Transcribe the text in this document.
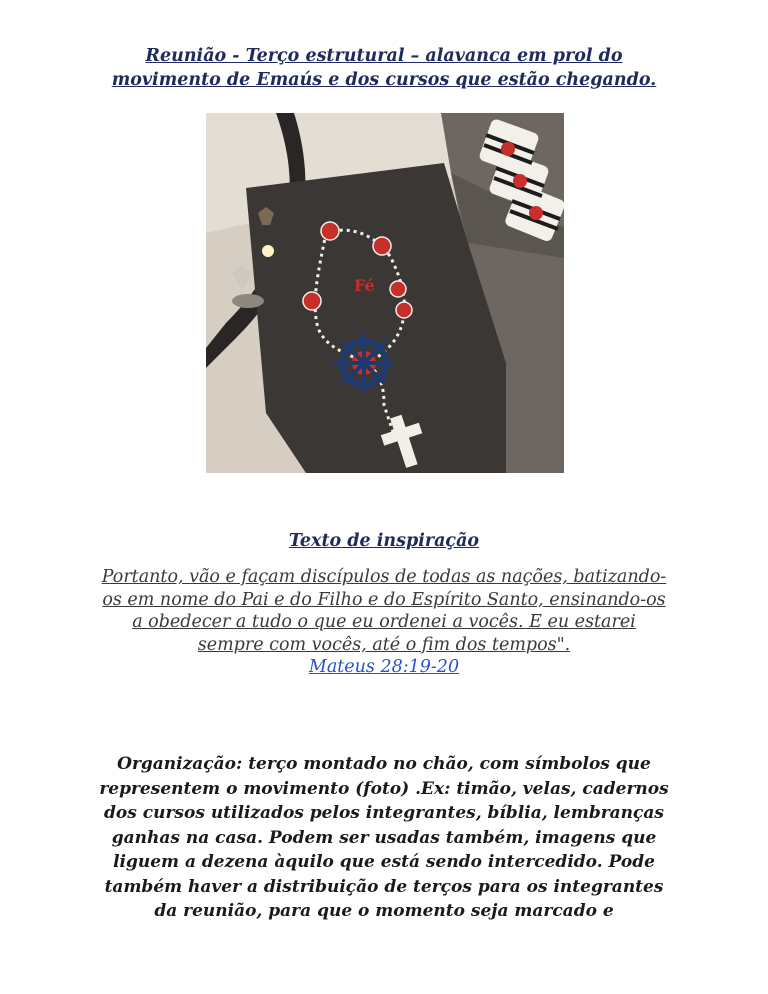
Reunião - Terço estrutural – alavanca em prol do movimento de Emaús e dos cursos que estão chegando.
Fé
Texto de inspiração
Portanto, vão e façam discípulos de todas as nações, batizando-os em nome do Pai e do Filho e do Espírito Santo, ensinando-os a obedecer a tudo o que eu ordenei a vocês. E eu estarei sempre com vocês, até o fim dos tempos".
Mateus 28:19-20
Organização: terço montado no chão, com símbolos que representem o movimento (foto) .Ex: timão, velas, cadernos dos cursos utilizados pelos integrantes, bíblia, lembranças ganhas na casa. Podem ser usadas também, imagens que liguem a dezena àquilo que está sendo intercedido. Pode também haver a distribuição de terços para os integrantes da reunião, para que o momento seja marcado e
